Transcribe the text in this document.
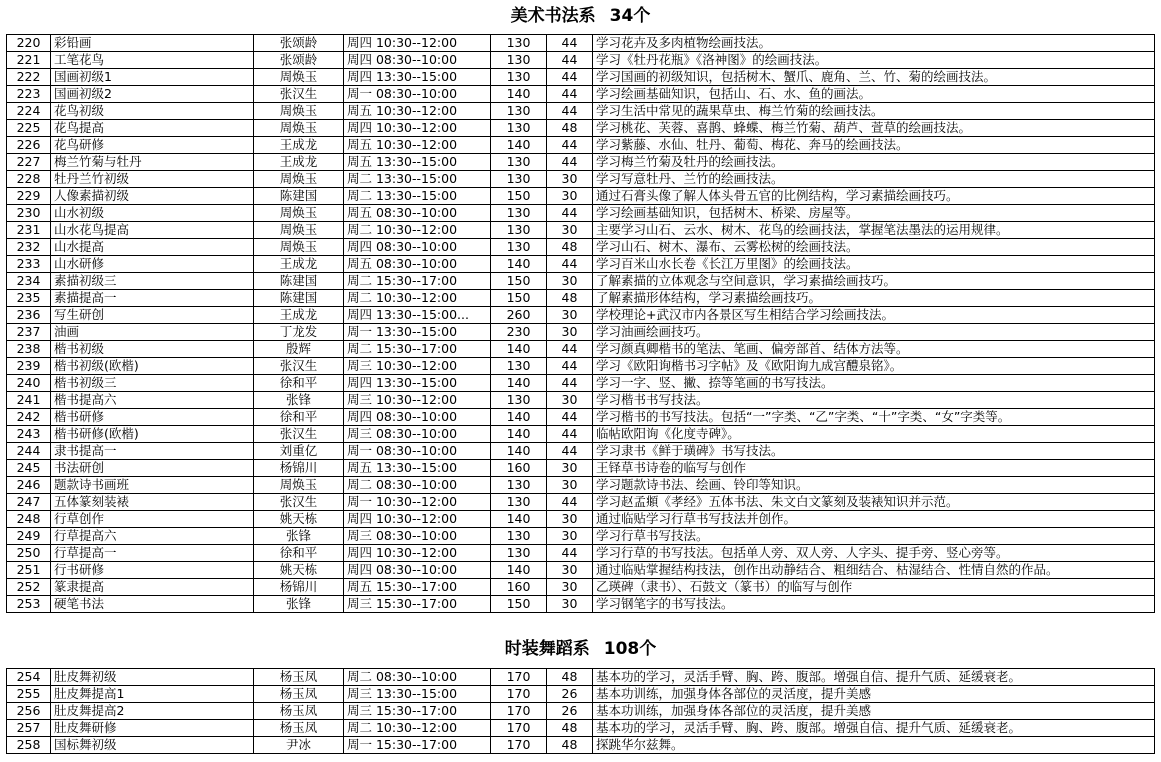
美术书法系 34个
220	彩铅画	张颂龄	周四 10:30--12:00	130	44	学习花卉及多肉植物绘画技法。
221	工笔花鸟	张颂龄	周四 08:30--10:00	130	44	学习《牡丹花瓶》《洛神图》的绘画技法。
222	国画初级1	周焕玉	周四 13:30--15:00	130	44	学习国画的初级知识，包括树木、蟹爪、鹿角、兰、竹、菊的绘画技法。
223	国画初级2	张汉生	周一 08:30--10:00	140	44	学习绘画基础知识，包括山、石、水、鱼的画法。
224	花鸟初级	周焕玉	周五 10:30--12:00	130	44	学习生活中常见的蔬果草虫、梅兰竹菊的绘画技法。
225	花鸟提高	周焕玉	周四 10:30--12:00	130	48	学习桃花、芙蓉、喜鹊、蜂蝶、梅兰竹菊、葫芦、萱草的绘画技法。
226	花鸟研修	王成龙	周五 10:30--12:00	140	44	学习紫藤、水仙、牡丹、葡萄、梅花、奔马的绘画技法。
227	梅兰竹菊与牡丹	王成龙	周五 13:30--15:00	130	44	学习梅兰竹菊及牡丹的绘画技法。
228	牡丹兰竹初级	周焕玉	周二 13:30--15:00	130	30	学习写意牡丹、兰竹的绘画技法。
229	人像素描初级	陈建国	周二 13:30--15:00	150	30	通过石膏头像了解人体头骨五官的比例结构，学习素描绘画技巧。
230	山水初级	周焕玉	周五 08:30--10:00	130	44	学习绘画基础知识，包括树木、桥梁、房屋等。
231	山水花鸟提高	周焕玉	周二 10:30--12:00	130	30	主要学习山石、云水、树木、花鸟的绘画技法，掌握笔法墨法的运用规律。
232	山水提高	周焕玉	周四 08:30--10:00	130	48	学习山石、树木、瀑布、云雾松树的绘画技法。
233	山水研修	王成龙	周五 08:30--10:00	140	44	学习百米山水长卷《长江万里图》的绘画技法。
234	素描初级三	陈建国	周二 15:30--17:00	150	30	了解素描的立体观念与空间意识，学习素描绘画技巧。
235	素描提高一	陈建国	周二 10:30--12:00	150	48	了解素描形体结构，学习素描绘画技巧。
236	写生研创	王成龙	周四 13:30--15:00...	260	30	学校理论+武汉市内各景区写生相结合学习绘画技法。
237	油画	丁龙发	周一 13:30--15:00	230	30	学习油画绘画技巧。
238	楷书初级	殷辉	周二 15:30--17:00	140	44	学习颜真卿楷书的笔法、笔画、偏旁部首、结体方法等。
239	楷书初级(欧楷)	张汉生	周三 10:30--12:00	130	44	学习《欧阳询楷书习字帖》及《欧阳询九成宫醴泉铭》。
240	楷书初级三	徐和平	周四 13:30--15:00	140	44	学习一字、竖、撇、捺等笔画的书写技法。
241	楷书提高六	张锋	周三 10:30--12:00	130	30	学习楷书书写技法。
242	楷书研修	徐和平	周四 08:30--10:00	140	44	学习楷书的书写技法。包括“一”字类、“乙”字类、“十”字类、“女”字类等。
243	楷书研修(欧楷)	张汉生	周三 08:30--10:00	140	44	临帖欧阳询《化度寺碑》。
244	隶书提高一	刘重亿	周一 08:30--10:00	140	44	学习隶书《鲜于璜碑》书写技法。
245	书法研创	杨锦川	周五 13:30--15:00	160	30	王铎草书诗卷的临写与创作
246	题款诗书画班	周焕玉	周二 08:30--10:00	130	30	学习题款诗书法、绘画、铃印等知识。
247	五体篆刻装裱	张汉生	周一 10:30--12:00	130	44	学习赵孟頫《孝经》五体书法、朱文白文篆刻及装裱知识并示范。
248	行草创作	姚天栋	周四 10:30--12:00	140	30	通过临贴学习行草书写技法并创作。
249	行草提高六	张锋	周三 08:30--10:00	130	30	学习行草书写技法。
250	行草提高一	徐和平	周四 10:30--12:00	130	44	学习行草的书写技法。包括单人旁、双人旁、人字头、提手旁、竖心旁等。
251	行书研修	姚天栋	周四 08:30--10:00	140	30	通过临贴掌握结构技法，创作出动静结合、粗细结合、枯湿结合、性情自然的作品。
252	篆隶提高	杨锦川	周五 15:30--17:00	160	30	乙瑛碑（隶书）、石鼓文（篆书）的临写与创作
253	硬笔书法	张锋	周三 15:30--17:00	150	30	学习钢笔字的书写技法。
时装舞蹈系 108个
254	肚皮舞初级	杨玉凤	周二 08:30--10:00	170	48	基本功的学习，灵活手臂、胸、跨、腹部。增强自信、提升气质、延缓衰老。
255	肚皮舞提高1	杨玉凤	周三 13:30--15:00	170	26	基本功训练，加强身体各部位的灵活度，提升美感
256	肚皮舞提高2	杨玉凤	周三 15:30--17:00	170	26	基本功训练，加强身体各部位的灵活度，提升美感
257	肚皮舞研修	杨玉凤	周二 10:30--12:00	170	48	基本功的学习，灵活手臂、胸、跨、腹部。增强自信、提升气质、延缓衰老。
258	国标舞初级	尹冰	周一 15:30--17:00	170	48	探跳华尔兹舞。
